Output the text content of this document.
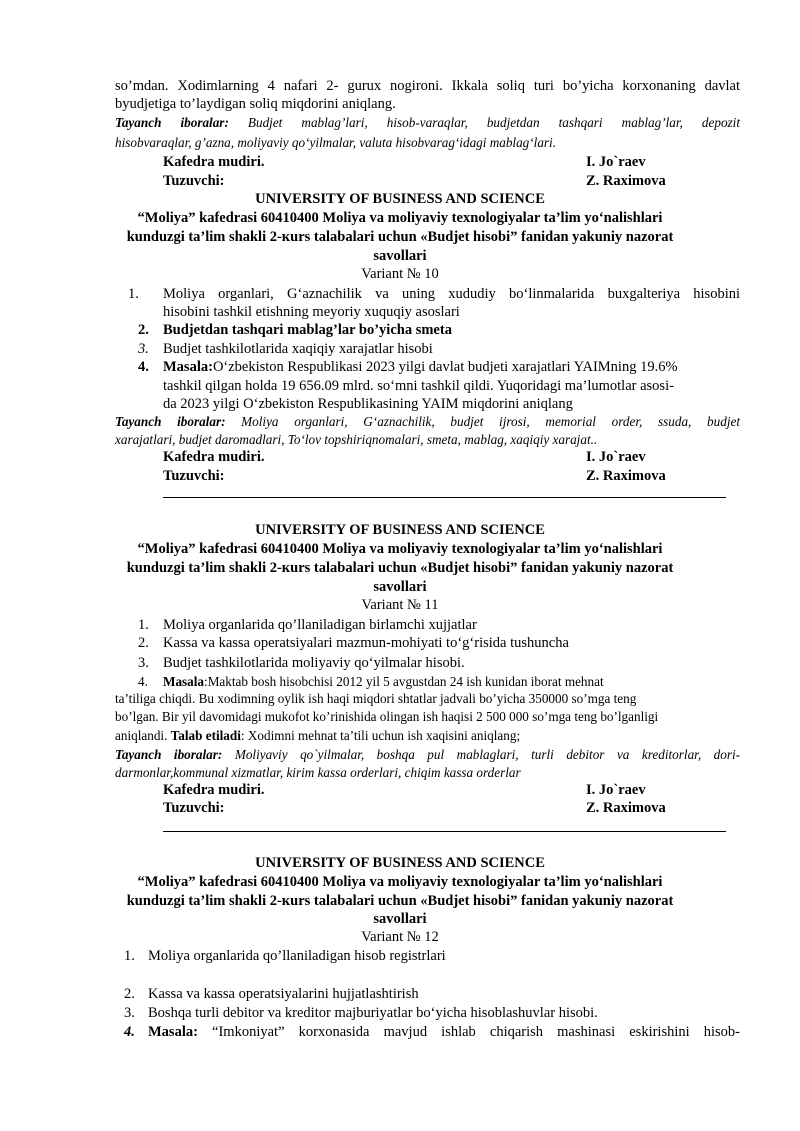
so’mdan. Xodimlarning 4 nafari 2- gurux nogironi. Ikkala soliq turi bo’yicha korxonaning davlat
byudjetiga to’laydigan soliq miqdorini aniqlang.
Tayanch iboralar: Budjet mablag’lari, hisob-varaqlar, budjetdan tashqari mablag’lar, depozit
hisobvaraqlar, g’azna, moliyaviy qo‘yilmalar, valuta hisobvarag‘idagi mablag‘lari.
Kafedra mudiri.	I. Jo`raev
Tuzuvchi:	Z. Raximova
UNIVERSITY OF BUSINESS AND SCIENCE
“Moliya” kafedrasi 60410400 Moliya va moliyaviy texnologiyalar ta’lim yo‘nalishlari
kunduzgi ta’lim shakli 2-кurs talabalari uchun «Budjet hisobi” fanidan yakuniy nazorat
savollari
Variant № 10
1. Moliya organlari, G‘aznachilik va uning xududiy bo‘linmalarida buxgalteriya hisobini
hisobini tashkil etishning meyoriy xuquqiy asoslari
2. Budjetdan tashqari mablag’lar bo’yicha smeta
3. Budjet tashkilotlarida xaqiqiy xarajatlar hisobi
4. Masala:O‘zbekiston Respublikasi 2023 yilgi davlat budjeti xarajatlari YAIMning 19.6%
tashkil qilgan holda 19 656.09 mlrd. so‘mni tashkil qildi. Yuqoridagi ma’lumotlar asosi-
da 2023 yilgi O‘zbekiston Respublikasining YAIM miqdorini aniqlang
Tayanch iboralar: Moliya organlari, G‘aznachilik, budjet ijrosi, memorial order, ssuda, budjet
xarajatlari, budjet daromadlari, To‘lov topshiriqnomalari, smeta, mablag, xaqiqiy xarajat..
Kafedra mudiri.	I. Jo`raev
Tuzuvchi:	Z. Raximova
UNIVERSITY OF BUSINESS AND SCIENCE
“Moliya” kafedrasi 60410400 Moliya va moliyaviy texnologiyalar ta’lim yo‘nalishlari
kunduzgi ta’lim shakli 2-кurs talabalari uchun «Budjet hisobi” fanidan yakuniy nazorat
savollari
Variant № 11
1. Moliya organlarida qo’llaniladigan birlamchi xujjatlar
2. Kassa va kassa operatsiyalari mazmun-mohiyati to‘g‘risida tushuncha
3. Budjet tashkilotlarida moliyaviy qo‘yilmalar hisobi.
4. Masala:Maktab bosh hisobchisi 2012 yil 5 avgustdan 24 ish kunidan iborat mehnat
ta’tiliga chiqdi. Bu xodimning oylik ish haqi miqdori shtatlar jadvali bo’yicha 350000 so’mga teng
bo’lgan. Bir yil davomidagi mukofot ko’rinishida olingan ish haqisi 2 500 000 so’mga teng bo’lganligi
aniqlandi. Talab etiladi: Xodimni mehnat ta’tili uchun ish xaqisini aniqlang;
Tayanch iboralar: Moliyaviy qo`yilmalar, boshqa pul mablaglari, turli debitor va kreditorlar, dori-
darmonlar,kommunal xizmatlar, kirim kassa orderlari, chiqim kassa orderlar
Kafedra mudiri.	I. Jo`raev
Tuzuvchi:	Z. Raximova
UNIVERSITY OF BUSINESS AND SCIENCE
“Moliya” kafedrasi 60410400 Moliya va moliyaviy texnologiyalar ta’lim yo‘nalishlari
kunduzgi ta’lim shakli 2-кurs talabalari uchun «Budjet hisobi” fanidan yakuniy nazorat
savollari
Variant № 12
1. Moliya organlarida qo’llaniladigan hisob registrlari
2. Kassa va kassa operatsiyalarini hujjatlashtirish
3. Boshqa turli debitor va kreditor majburiyatlar bo‘yicha hisoblashuvlar hisobi.
4. Masala: “Imkoniyat” korxonasida mavjud ishlab chiqarish mashinasi eskirishini hisob-
